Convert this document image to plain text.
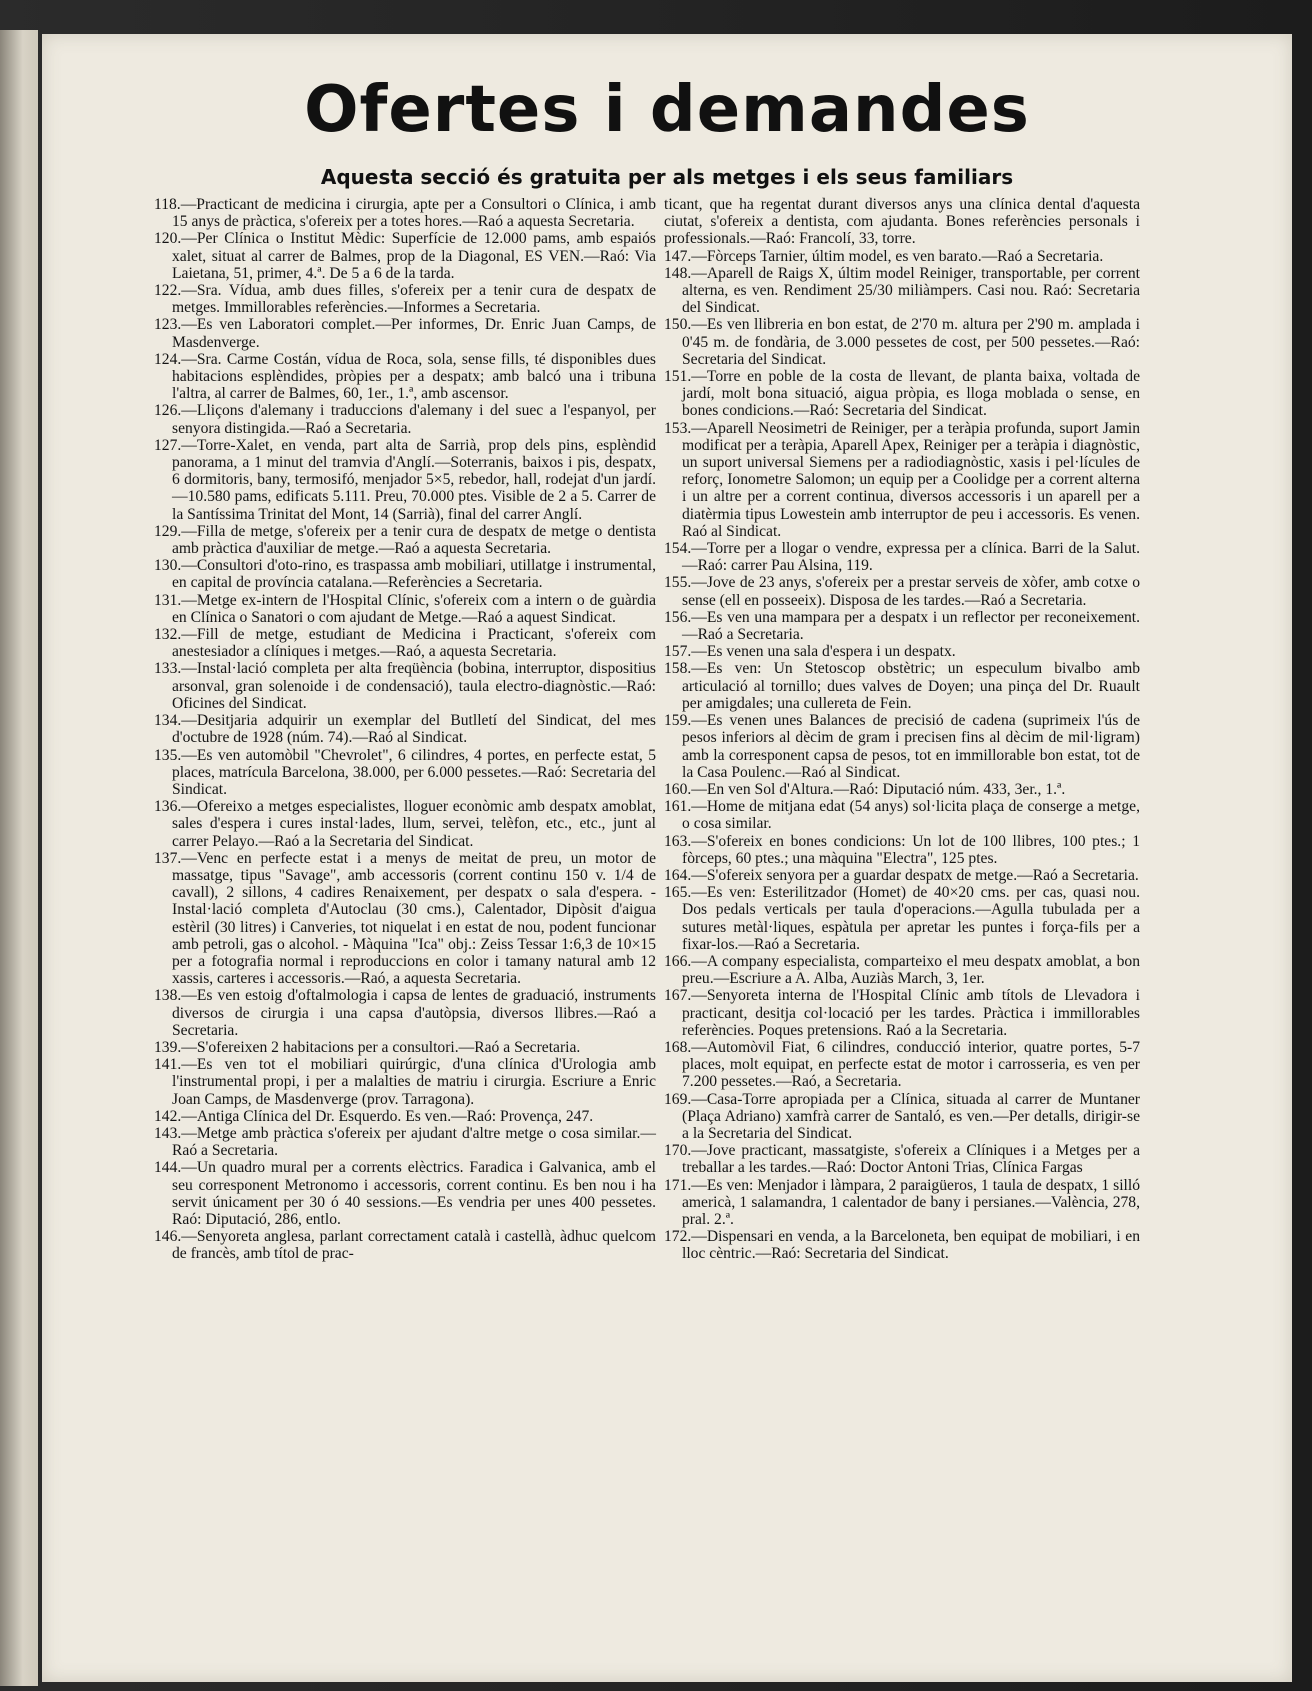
Ofertes i demandes
Aquesta secció és gratuita per als metges i els seus familiars

118.—Practicant de medicina i cirurgia, apte per a Consultori o Clínica, i amb 15 anys de pràctica, s'ofereix per a totes hores.—Raó a aquesta Secretaria.

120.—Per Clínica o Institut Mèdic: Superfície de 12.000 pams, amb espaiós xalet, situat al carrer de Balmes, prop de la Diagonal, ES VEN.—Raó: Via Laietana, 51, primer, 4.ª. De 5 a 6 de la tarda.

122.—Sra. Vídua, amb dues filles, s'ofereix per a tenir cura de despatx de metges. Immillorables referències.—Informes a Secretaria.

123.—Es ven Laboratori complet.—Per informes, Dr. Enric Juan Camps, de Masdenverge.

124.—Sra. Carme Costán, vídua de Roca, sola, sense fills, té disponibles dues habitacions esplèndides, pròpies per a despatx; amb balcó una i tribuna l'altra, al carrer de Balmes, 60, 1er., 1.ª, amb ascensor.

126.—Lliçons d'alemany i traduccions d'alemany i del suec a l'espanyol, per senyora distingida.—Raó a Secretaria.

127.—Torre-Xalet, en venda, part alta de Sarrià, prop dels pins, esplèndid panorama, a 1 minut del tramvia d'Anglí.—Soterranis, baixos i pis, despatx, 6 dormitoris, bany, termosifó, menjador 5×5, rebedor, hall, rodejat d'un jardí.—10.580 pams, edificats 5.111. Preu, 70.000 ptes. Visible de 2 a 5. Carrer de la Santíssima Trinitat del Mont, 14 (Sarrià), final del carrer Anglí.

129.—Filla de metge, s'ofereix per a tenir cura de despatx de metge o dentista amb pràctica d'auxiliar de metge.—Raó a aquesta Secretaria.

130.—Consultori d'oto-rino, es traspassa amb mobiliari, utillatge i instrumental, en capital de província catalana.—Referències a Secretaria.

131.—Metge ex-intern de l'Hospital Clínic, s'ofereix com a intern o de guàrdia en Clínica o Sanatori o com ajudant de Metge.—Raó a aquest Sindicat.

132.—Fill de metge, estudiant de Medicina i Practicant, s'ofereix com anestesiador a clíniques i metges.—Raó, a aquesta Secretaria.

133.—Instal·lació completa per alta freqüència (bobina, interruptor, dispositius arsonval, gran solenoide i de condensació), taula electro-diagnòstic.—Raó: Oficines del Sindicat.

134.—Desitjaria adquirir un exemplar del Butlletí del Sindicat, del mes d'octubre de 1928 (núm. 74).—Raó al Sindicat.

135.—Es ven automòbil "Chevrolet", 6 cilindres, 4 portes, en perfecte estat, 5 places, matrícula Barcelona, 38.000, per 6.000 pessetes.—Raó: Secretaria del Sindicat.

136.—Ofereixo a metges especialistes, lloguer econòmic amb despatx amoblat, sales d'espera i cures instal·lades, llum, servei, telèfon, etc., etc., junt al carrer Pelayo.—Raó a la Secretaria del Sindicat.

137.—Venc en perfecte estat i a menys de meitat de preu, un motor de massatge, tipus "Savage", amb accessoris (corrent continu 150 v. 1/4 de cavall), 2 sillons, 4 cadires Renaixement, per despatx o sala d'espera. - Instal·lació completa d'Autoclau (30 cms.), Calentador, Dipòsit d'aigua estèril (30 litres) i Canveries, tot niquelat i en estat de nou, podent funcionar amb petroli, gas o alcohol. - Màquina "Ica" obj.: Zeiss Tessar 1:6,3 de 10×15 per a fotografia normal i reproduccions en color i tamany natural amb 12 xassis, carteres i accessoris.—Raó, a aquesta Secretaria.

138.—Es ven estoig d'oftalmologia i capsa de lentes de graduació, instruments diversos de cirurgia i una capsa d'autòpsia, diversos llibres.—Raó a Secretaria.

139.—S'ofereixen 2 habitacions per a consultori.—Raó a Secretaria.

141.—Es ven tot el mobiliari quirúrgic, d'una clínica d'Urologia amb l'instrumental propi, i per a malalties de matriu i cirurgia. Escriure a Enric Joan Camps, de Masdenverge (prov. Tarragona).

142.—Antiga Clínica del Dr. Esquerdo. Es ven.—Raó: Provença, 247.

143.—Metge amb pràctica s'ofereix per ajudant d'altre metge o cosa similar.—Raó a Secretaria.

144.—Un quadro mural per a corrents elèctrics. Faradica i Galvanica, amb el seu corresponent Metronomo i accessoris, corrent continu. Es ben nou i ha servit únicament per 30 ó 40 sessions.—Es vendria per unes 400 pessetes. Raó: Diputació, 286, entlo.

146.—Senyoreta anglesa, parlant correctament català i castellà, àdhuc quelcom de francès, amb títol de prac-

ticant, que ha regentat durant diversos anys una clínica dental d'aquesta ciutat, s'ofereix a dentista, com ajudanta. Bones referències personals i professionals.—Raó: Francolí, 33, torre.

147.—Fòrceps Tarnier, últim model, es ven barato.—Raó a Secretaria.

148.—Aparell de Raigs X, últim model Reiniger, transportable, per corrent alterna, es ven. Rendiment 25/30 miliàmpers. Casi nou. Raó: Secretaria del Sindicat.

150.—Es ven llibreria en bon estat, de 2'70 m. altura per 2'90 m. amplada i 0'45 m. de fondària, de 3.000 pessetes de cost, per 500 pessetes.—Raó: Secretaria del Sindicat.

151.—Torre en poble de la costa de llevant, de planta baixa, voltada de jardí, molt bona situació, aigua pròpia, es lloga moblada o sense, en bones condicions.—Raó: Secretaria del Sindicat.

153.—Aparell Neosimetri de Reiniger, per a teràpia profunda, suport Jamin modificat per a teràpia, Aparell Apex, Reiniger per a teràpia i diagnòstic, un suport universal Siemens per a radiodiagnòstic, xasis i pel·lícules de reforç, Ionometre Salomon; un equip per a Coolidge per a corrent alterna i un altre per a corrent continua, diversos accessoris i un aparell per a diatèrmia tipus Lowestein amb interruptor de peu i accessoris. Es venen. Raó al Sindicat.

154.—Torre per a llogar o vendre, expressa per a clínica. Barri de la Salut.—Raó: carrer Pau Alsina, 119.

155.—Jove de 23 anys, s'ofereix per a prestar serveis de xòfer, amb cotxe o sense (ell en posseeix). Disposa de les tardes.—Raó a Secretaria.

156.—Es ven una mampara per a despatx i un reflector per reconeixement.—Raó a Secretaria.

157.—Es venen una sala d'espera i un despatx.

158.—Es ven: Un Stetoscop obstètric; un especulum bivalbo amb articulació al tornillo; dues valves de Doyen; una pinça del Dr. Ruault per amigdales; una cullereta de Fein.

159.—Es venen unes Balances de precisió de cadena (suprimeix l'ús de pesos inferiors al dècim de gram i precisen fins al dècim de mil·ligram) amb la corresponent capsa de pesos, tot en immillorable bon estat, tot de la Casa Poulenc.—Raó al Sindicat.

160.—En ven Sol d'Altura.—Raó: Diputació núm. 433, 3er., 1.ª.

161.—Home de mitjana edat (54 anys) sol·licita plaça de conserge a metge, o cosa similar.

163.—S'ofereix en bones condicions: Un lot de 100 llibres, 100 ptes.; 1 fòrceps, 60 ptes.; una màquina "Electra", 125 ptes.

164.—S'ofereix senyora per a guardar despatx de metge.—Raó a Secretaria.

165.—Es ven: Esterilitzador (Homet) de 40×20 cms. per cas, quasi nou. Dos pedals verticals per taula d'operacions.—Agulla tubulada per a sutures metàl·liques, espàtula per apretar les puntes i força-fils per a fixar-los.—Raó a Secretaria.

166.—A company especialista, comparteixo el meu despatx amoblat, a bon preu.—Escriure a A. Alba, Auziàs March, 3, 1er.

167.—Senyoreta interna de l'Hospital Clínic amb títols de Llevadora i practicant, desitja col·locació per les tardes. Pràctica i immillorables referències. Poques pretensions. Raó a la Secretaria.

168.—Automòvil Fiat, 6 cilindres, conducció interior, quatre portes, 5-7 places, molt equipat, en perfecte estat de motor i carrosseria, es ven per 7.200 pessetes.—Raó, a Secretaria.

169.—Casa-Torre apropiada per a Clínica, situada al carrer de Muntaner (Plaça Adriano) xamfrà carrer de Santaló, es ven.—Per detalls, dirigir-se a la Secretaria del Sindicat.

170.—Jove practicant, massatgiste, s'ofereix a Clíniques i a Metges per a treballar a les tardes.—Raó: Doctor Antoni Trias, Clínica Fargas

171.—Es ven: Menjador i làmpara, 2 paraigüeros, 1 taula de despatx, 1 silló americà, 1 salamandra, 1 calentador de bany i persianes.—València, 278, pral. 2.ª.

172.—Dispensari en venda, a la Barceloneta, ben equipat de mobiliari, i en lloc cèntric.—Raó: Secretaria del Sindicat.
